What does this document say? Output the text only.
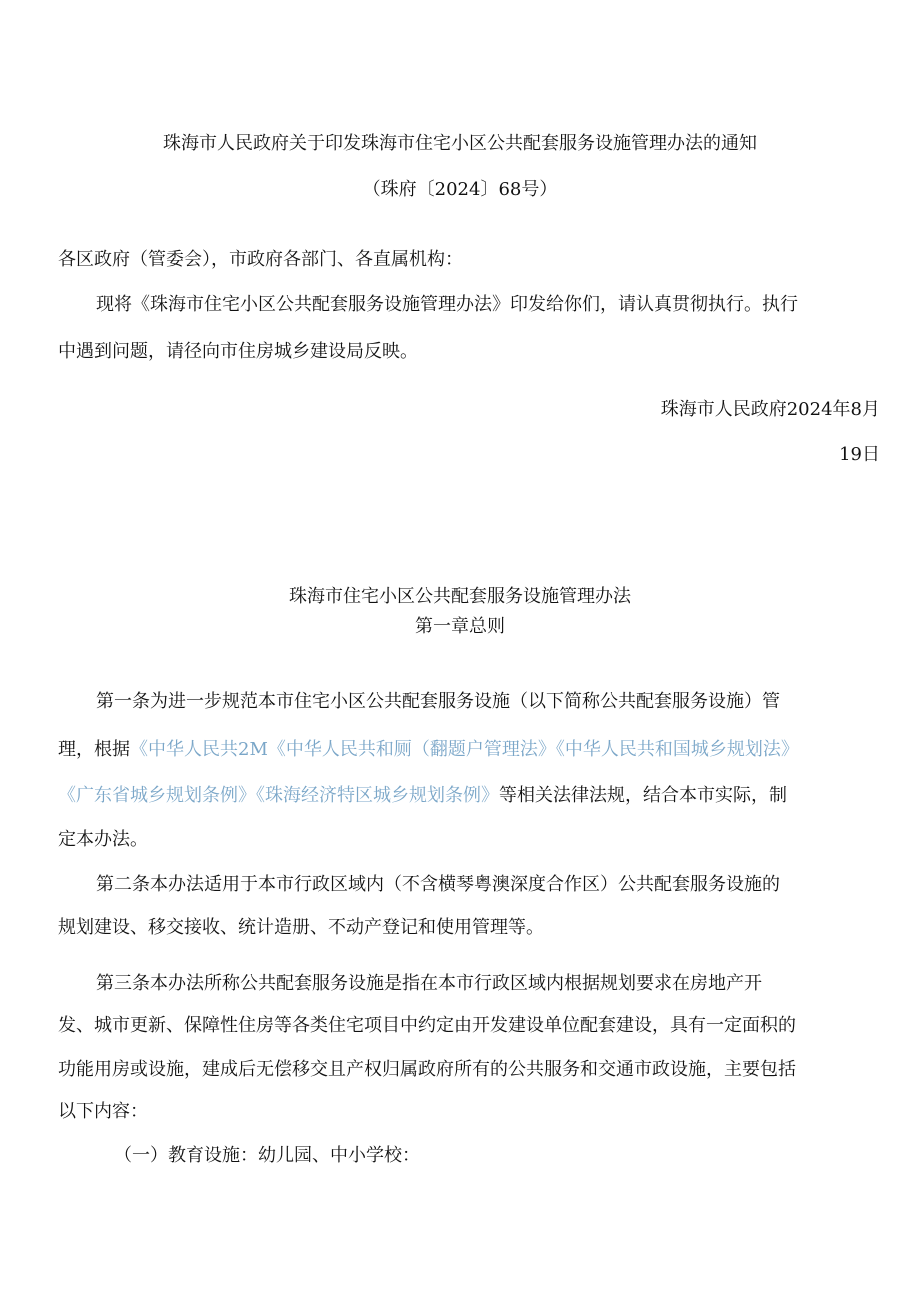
珠海市人民政府关于印发珠海市住宅小区公共配套服务设施管理办法的通知
（珠府〔2024〕68号）
各区政府（管委会），市政府各部门、各直属机构：
现将《珠海市住宅小区公共配套服务设施管理办法》印发给你们，请认真贯彻执行。执行
中遇到问题，请径向市住房城乡建设局反映。
珠海市人民政府2024年8月
19日
珠海市住宅小区公共配套服务设施管理办法
第一章总则
第一条为进一步规范本市住宅小区公共配套服务设施（以下简称公共配套服务设施）管
理，根据《中华人民共2M《中华人民共和厕（翻题户管理法》《中华人民共和国城乡规划法》
《广东省城乡规划条例》《珠海经济特区城乡规划条例》等相关法律法规，结合本市实际，制
定本办法。
第二条本办法适用于本市行政区域内（不含横琴粤澳深度合作区）公共配套服务设施的
规划建设、移交接收、统计造册、不动产登记和使用管理等。
第三条本办法所称公共配套服务设施是指在本市行政区域内根据规划要求在房地产开
发、城市更新、保障性住房等各类住宅项目中约定由开发建设单位配套建设，具有一定面积的
功能用房或设施，建成后无偿移交且产权归属政府所有的公共服务和交通市政设施，主要包括
以下内容：
（一）教育设施：幼儿园、中小学校：
